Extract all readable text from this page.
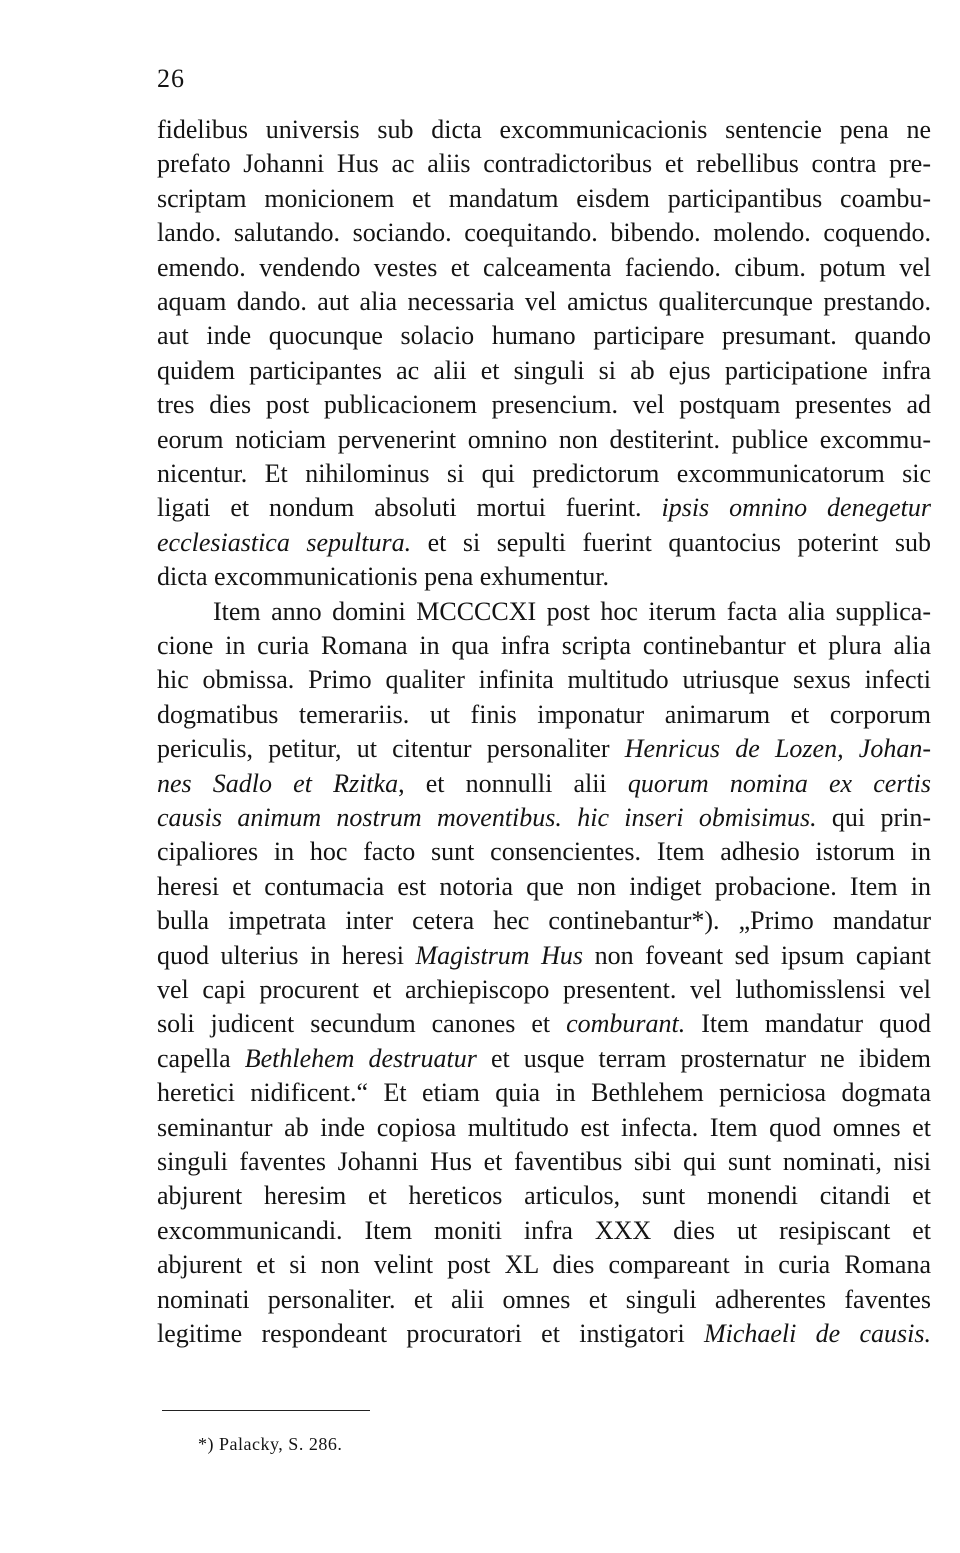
26
fidelibus universis sub dicta excommunicacionis sentencie pena ne
prefato Johanni Hus ac aliis contradictoribus et rebellibus contra pre-
scriptam monicionem et mandatum eisdem participantibus coambu-
lando. salutando. sociando. coequitando. bibendo. molendo. coquendo.
emendo. vendendo vestes et calceamenta faciendo. cibum. potum vel
aquam dando. aut alia necessaria vel amictus qualitercunque prestando.
aut inde quocunque solacio humano participare presumant. quando
quidem participantes ac alii et singuli si ab ejus participatione infra
tres dies post publicacionem presencium. vel postquam presentes ad
eorum noticiam pervenerint omnino non destiterint. publice excommu-
nicentur. Et nihilominus si qui predictorum excommunicatorum sic
ligati et nondum absoluti mortui fuerint. ipsis omnino denegetur
ecclesiastica sepultura. et si sepulti fuerint quantocius poterint sub
dicta excommunicationis pena exhumentur.
Item anno domini MCCCCXI post hoc iterum facta alia supplica-
cione in curia Romana in qua infra scripta continebantur et plura alia
hic obmissa. Primo qualiter infinita multitudo utriusque sexus infecti
dogmatibus temerariis. ut finis imponatur animarum et corporum
periculis, petitur, ut citentur personaliter Henricus de Lozen, Johan-
nes Sadlo et Rzitka, et nonnulli alii quorum nomina ex certis
causis animum nostrum moventibus. hic inseri obmisimus. qui prin-
cipaliores in hoc facto sunt consencientes. Item adhesio istorum in
heresi et contumacia est notoria que non indiget probacione. Item in
bulla impetrata inter cetera hec continebantur*). „Primo mandatur
quod ulterius in heresi Magistrum Hus non foveant sed ipsum capiant
vel capi procurent et archiepiscopo presentent. vel luthomisslensi vel
soli judicent secundum canones et comburant. Item mandatur quod
capella Bethlehem destruatur et usque terram prosternatur ne ibidem
heretici nidificent.“ Et etiam quia in Bethlehem perniciosa dogmata
seminantur ab inde copiosa multitudo est infecta. Item quod omnes et
singuli faventes Johanni Hus et faventibus sibi qui sunt nominati, nisi
abjurent heresim et hereticos articulos, sunt monendi citandi et
excommunicandi. Item moniti infra XXX dies ut resipiscant et
abjurent et si non velint post XL dies compareant in curia Romana
nominati personaliter. et alii omnes et singuli adherentes faventes
legitime respondeant procuratori et instigatori Michaeli de causis.
*) Palacky, S. 286.
